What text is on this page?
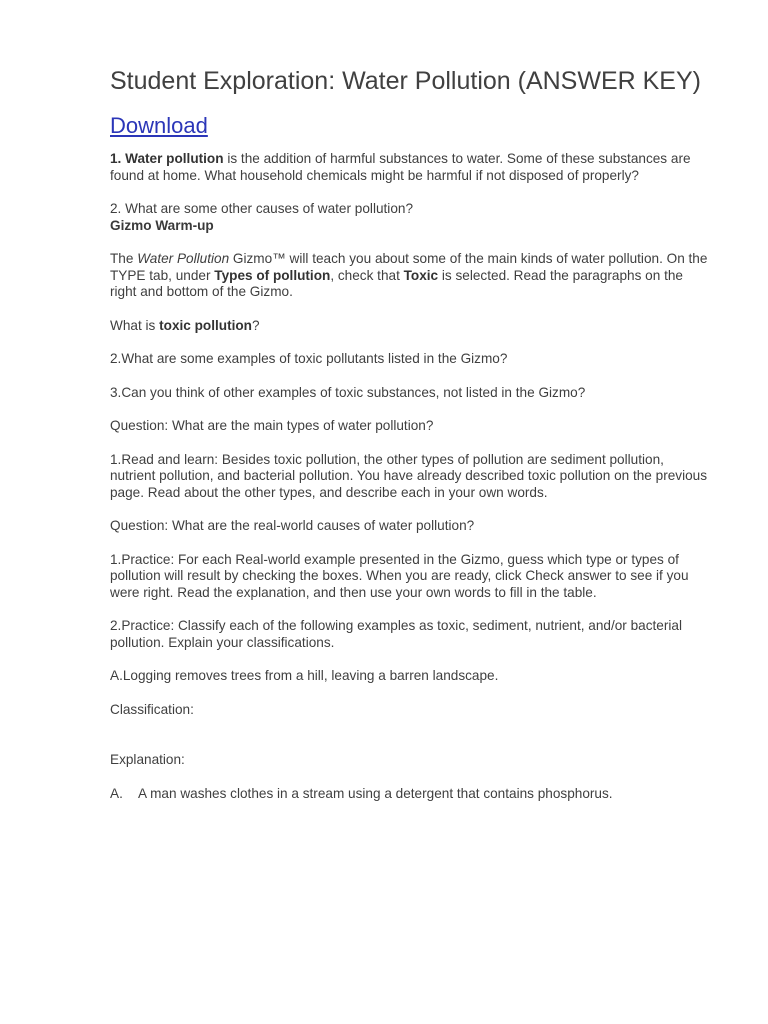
Student Exploration: Water Pollution (ANSWER KEY)
Download

1. Water pollution is the addition of harmful substances to water. Some of these substances are found at home. What household chemicals might be harmful if not disposed of properly?

2. What are some other causes of water pollution?

Gizmo Warm-up

The Water Pollution Gizmo™ will teach you about some of the main kinds of water pollution. On the TYPE tab, under Types of pollution, check that Toxic is selected. Read the paragraphs on the right and bottom of the Gizmo.

What is toxic pollution?

2.What are some examples of toxic pollutants listed in the Gizmo?

3.Can you think of other examples of toxic substances, not listed in the Gizmo?

Question: What are the main types of water pollution?

1.Read and learn: Besides toxic pollution, the other types of pollution are sediment pollution, nutrient pollution, and bacterial pollution. You have already described toxic pollution on the previous page. Read about the other types, and describe each in your own words.

Question: What are the real-world causes of water pollution?

1.Practice: For each Real-world example presented in the Gizmo, guess which type or types of pollution will result by checking the boxes. When you are ready, click Check answer to see if you were right. Read the explanation, and then use your own words to fill in the table.

2.Practice: Classify each of the following examples as toxic, sediment, nutrient, and/or bacterial pollution. Explain your classifications.

A.Logging removes trees from a hill, leaving a barren landscape.

Classification:

Explanation:

A.	A man washes clothes in a stream using a detergent that contains phosphorus.
